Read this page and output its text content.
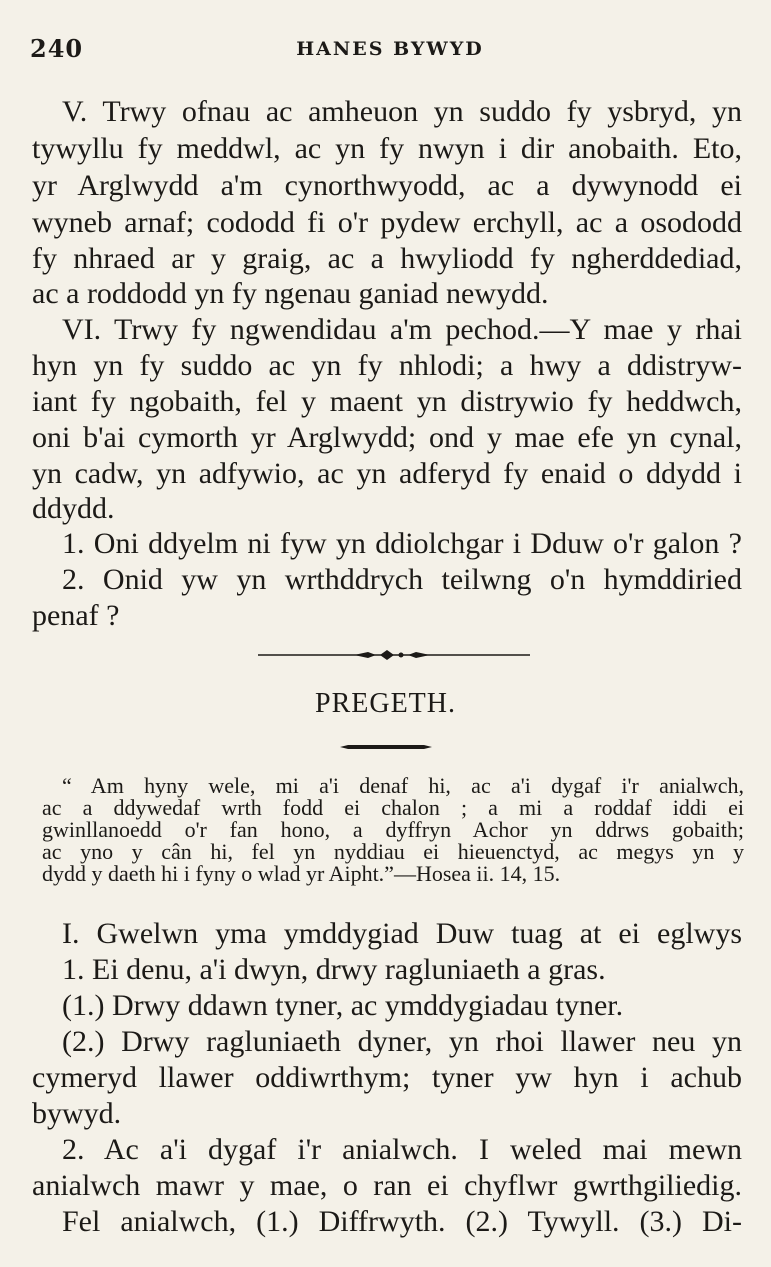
240	HANES BYWYD
V. Trwy ofnau ac amheuon yn suddo fy ysbryd, yn
tywyllu fy meddwl, ac yn fy nwyn i dir anobaith. Eto,
yr Arglwydd a'm cynorthwyodd, ac a dywynodd ei
wyneb arnaf; cododd fi o'r pydew erchyll, ac a osododd
fy nhraed ar y graig, ac a hwyliodd fy ngherddediad,
ac a roddodd yn fy ngenau ganiad newydd.
VI. Trwy fy ngwendidau a'm pechod.—Y mae y rhai
hyn yn fy suddo ac yn fy nhlodi; a hwy a ddistryw-
iant fy ngobaith, fel y maent yn distrywio fy heddwch,
oni b'ai cymorth yr Arglwydd; ond y mae efe yn cynal,
yn cadw, yn adfywio, ac yn adferyd fy enaid o ddydd i
ddydd.
1. Oni ddyelm ni fyw yn ddiolchgar i Dduw o'r galon ?
2. Onid yw yn wrthddrych teilwng o'n hymddiried
penaf ?
PREGETH.
“ Am hyny wele, mi a'i denaf hi, ac a'i dygaf i'r anialwch,
ac a ddywedaf wrth fodd ei chalon ; a mi a roddaf iddi ei
gwinllanoedd o'r fan hono, a dyffryn Achor yn ddrws gobaith;
ac yno y cân hi, fel yn nyddiau ei hieuenctyd, ac megys yn y
dydd y daeth hi i fyny o wlad yr Aipht.”—Hosea ii. 14, 15.
I. Gwelwn yma ymddygiad Duw tuag at ei eglwys
1. Ei denu, a'i dwyn, drwy ragluniaeth a gras.
(1.) Drwy ddawn tyner, ac ymddygiadau tyner.
(2.) Drwy ragluniaeth dyner, yn rhoi llawer neu yn
cymeryd llawer oddiwrthym; tyner yw hyn i achub
bywyd.
2. Ac a'i dygaf i'r anialwch. I weled mai mewn
anialwch mawr y mae, o ran ei chyflwr gwrthgiliedig.
Fel anialwch, (1.) Diffrwyth. (2.) Tywyll. (3.) Di-
